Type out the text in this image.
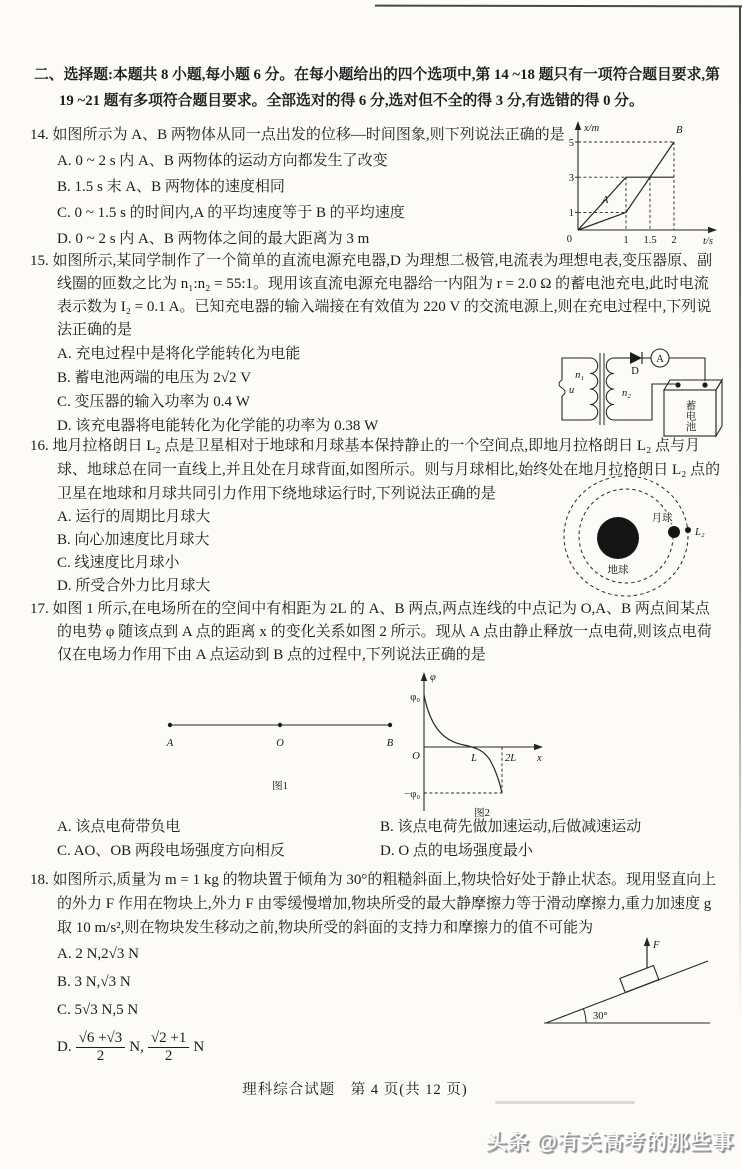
二、选择题:本题共 8 小题,每小题 6 分。在每小题给出的四个选项中,第 14 ~18 题只有一项符合题目要求,第 19 ~21 题有多项符合题目要求。全部选对的得 6 分,选对但不全的得 3 分,有选错的得 0 分。

14. 如图所示为 A、B 两物体从同一点出发的位移—时间图象,则下列说法正确的是

A. 0 ~ 2 s 内 A、B 两物体的运动方向都发生了改变

B. 1.5 s 末 A、B 两物体的速度相同

C. 0 ~ 1.5 s 的时间内,A 的平均速度等于 B 的平均速度

D. 0 ~ 2 s 内 A、B 两物体之间的最大距离为 3 m

x/m
t/s
5
3
1
0	1 1.5 2
A
B

15. 如图所示,某同学制作了一个简单的直流电源充电器,D 为理想二极管,电流表为理想电表,变压器原、副线圈的匝数之比为 n₁:n₂ = 55:1。现用该直流电源充电器给一内阻为 r = 2.0 Ω 的蓄电池充电,此时电流表示数为 I₂ = 0.1 A。已知充电器的输入端接在有效值为 220 V 的交流电源上,则在充电过程中,下列说法正确的是

A. 充电过程中是将化学能转化为电能

B. 蓄电池两端的电压为 2√2 V

C. 变压器的输入功率为 0.4 W

D. 该充电器将电能转化为化学能的功率为 0.38 W

u
n₁
n₂
D
A
蓄电池

16. 地月拉格朗日 L₂ 点是卫星相对于地球和月球基本保持静止的一个空间点,即地月拉格朗日 L₂ 点与月球、地球总在同一直线上,并且处在月球背面,如图所示。则与月球相比,始终处在地月拉格朗日 L₂ 点的卫星在地球和月球共同引力作用下绕地球运行时,下列说法正确的是

A. 运行的周期比月球大

B. 向心加速度比月球大

C. 线速度比月球小

D. 所受合外力比月球大

地球
月球
L₂

17. 如图 1 所示,在电场所在的空间中有相距为 2L 的 A、B 两点,两点连线的中点记为 O,A、B 两点间某点的电势 φ 随该点到 A 点的距离 x 的变化关系如图 2 所示。现从 A 点由静止释放一点电荷,则该点电荷仅在电场力作用下由 A 点运动到 B 点的过程中,下列说法正确的是

A	O	B
图1
φ
x
φ₀
−φ₀
O	L	2L
图2

A. 该点电荷带负电	B. 该点电荷先做加速运动,后做减速运动

C. AO、OB 两段电场强度方向相反	D. O 点的电场强度最小

18. 如图所示,质量为 m = 1 kg 的物块置于倾角为 30°的粗糙斜面上,物块恰好处于静止状态。现用竖直向上的外力 F 作用在物块上,外力 F 由零缓慢增加,物块所受的最大静摩擦力等于滑动摩擦力,重力加速度 g 取 10 m/s²,则在物块发生移动之前,物块所受的斜面的支持力和摩擦力的值不可能为

A. 2 N,2√3 N

B. 3 N,√3 N

C. 5√3 N,5 N

D. $\frac{√6 +√3}{2} N$, $\frac{√2 +1}{2}$ N

30°
F
理科综合试题　第 4 页(共 12 页)
头条 @有关高考的那些事
